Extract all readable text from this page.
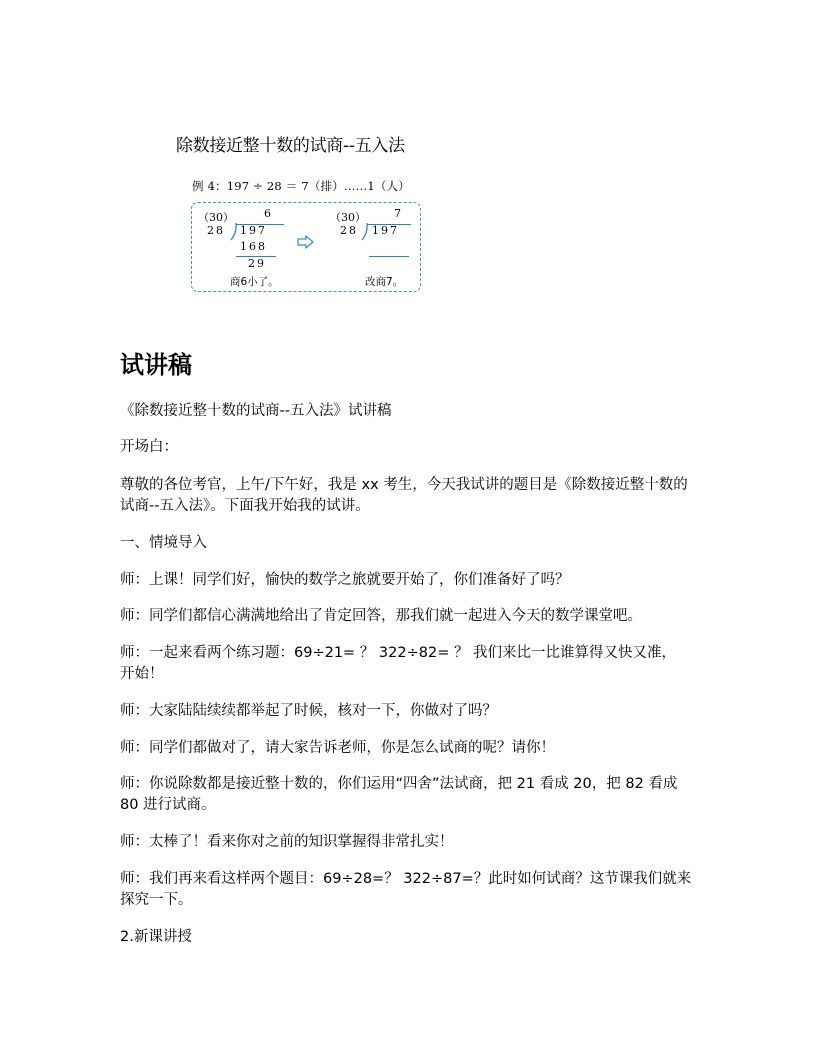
除数接近整十数的试商--五入法
例 4：197 ÷ 28 ＝ 7（排）……1（人）
（30）	6
28 197
168
29
商6小了。
（30）	7
28 197
改商7。
试讲稿
《除数接近整十数的试商--五入法》试讲稿
开场白：
尊敬的各位考官，上午/下午好，我是 xx 考生，今天我试讲的题目是《除数接近整十数的试商--五入法》。下面我开始我的试讲。
一、情境导入
师：上课！同学们好，愉快的数学之旅就要开始了，你们准备好了吗？
师：同学们都信心满满地给出了肯定回答，那我们就一起进入今天的数学课堂吧。
师：一起来看两个练习题：69÷21= ？ 322÷82= ？ 我们来比一比谁算得又快又准，开始！
师：大家陆陆续续都举起了时候，核对一下，你做对了吗？
师：同学们都做对了，请大家告诉老师，你是怎么试商的呢？请你！
师：你说除数都是接近整十数的，你们运用“四舍”法试商，把 21 看成 20，把 82 看成 80 进行试商。
师：太棒了！看来你对之前的知识掌握得非常扎实！
师：我们再来看这样两个题目：69÷28=？ 322÷87=？此时如何试商？这节课我们就来探究一下。
2.新课讲授
